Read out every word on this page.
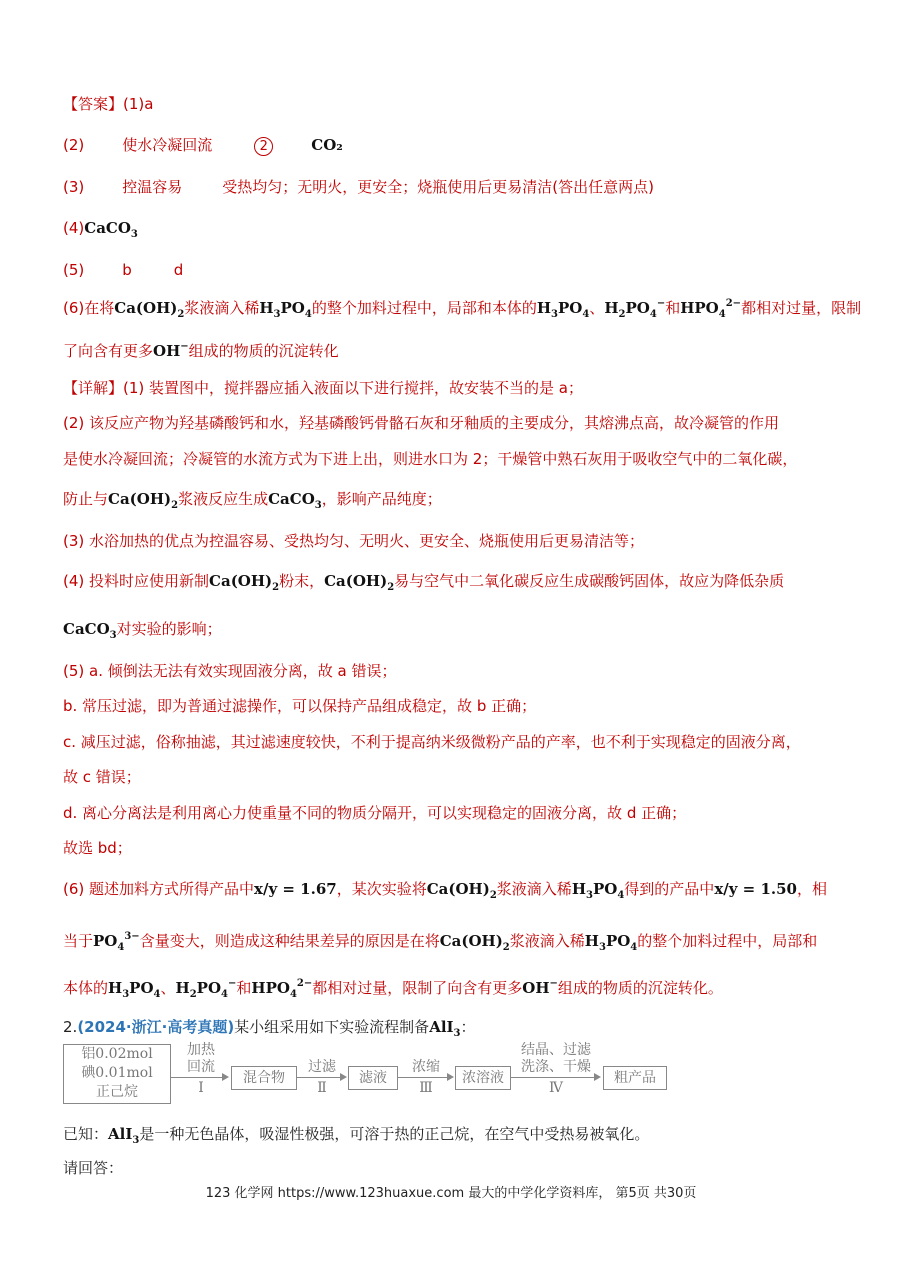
【答案】(1)a
(2)	使水冷凝回流	2	CO₂
(3)	控温容易	受热均匀；无明火，更安全；烧瓶使用后更易清洁(答出任意两点)
(4)CaCO$_3$
(5)	b	d
(6)在将$Ca(OH)_2$浆液滴入稀$H_3PO_4$的整个加料过程中，局部和本体的$H_3PO_4$、$H_2PO_4^-$和$HPO_4^{2-}$都相对过量，限制
了向含有更多OH−组成的物质的沉淀转化
【详解】(1) 装置图中，搅拌器应插入液面以下进行搅拌，故安装不当的是 a；
(2) 该反应产物为羟基磷酸钙和水，羟基磷酸钙骨骼石灰和牙釉质的主要成分，其熔沸点高，故冷凝管的作用
是使水冷凝回流；冷凝管的水流方式为下进上出，则进水口为 2；干燥管中熟石灰用于吸收空气中的二氧化碳，
防止与$Ca(OH)_2$浆液反应生成CaCO$_3$，影响产品纯度；
(3) 水浴加热的优点为控温容易、受热均匀、无明火、更安全、烧瓶使用后更易清洁等；
(4) 投料时应使用新制$Ca(OH)_2$粉末，$Ca(OH)_2$易与空气中二氧化碳反应生成碳酸钙固体，故应为降低杂质
CaCO$_3$对实验的影响；
(5) a. 倾倒法无法有效实现固液分离，故 a 错误；
b. 常压过滤，即为普通过滤操作，可以保持产品组成稳定，故 b 正确；
c. 减压过滤，俗称抽滤，其过滤速度较快，不利于提高纳米级微粉产品的产率，也不利于实现稳定的固液分离，
故 c 错误；
d. 离心分离法是利用离心力使重量不同的物质分隔开，可以实现稳定的固液分离，故 d 正确；
故选 bd；
(6) 题述加料方式所得产品中x/y = 1.67，某次实验将$Ca(OH)_2$浆液滴入稀$H_3PO_4$得到的产品中x/y = 1.50，相
当于$PO_4^{3-}$含量变大，则造成这种结果差异的原因是在将$Ca(OH)_2$浆液滴入稀$H_3PO_4$的整个加料过程中，局部和
本体的$H_3PO_4$、$H_2PO_4^-$和$HPO_4^{2-}$都相对过量，限制了向含有更多OH−组成的物质的沉淀转化。
2.(2024·浙江·高考真题)某小组采用如下实验流程制备AlI$_3$：
铝0.02mol
碘0.01mol
正己烷
加热
回流
Ⅰ
混合物
过滤
Ⅱ
滤液
浓缩
Ⅲ
浓溶液
结晶、过滤
洗涤、干燥
Ⅳ
粗产品
已知：AlI$_3$是一种无色晶体，吸湿性极强，可溶于热的正己烷，在空气中受热易被氧化。
请回答：
123 化学网 https://www.123huaxue.com 最大的中学化学资料库， 第5页 共30页
